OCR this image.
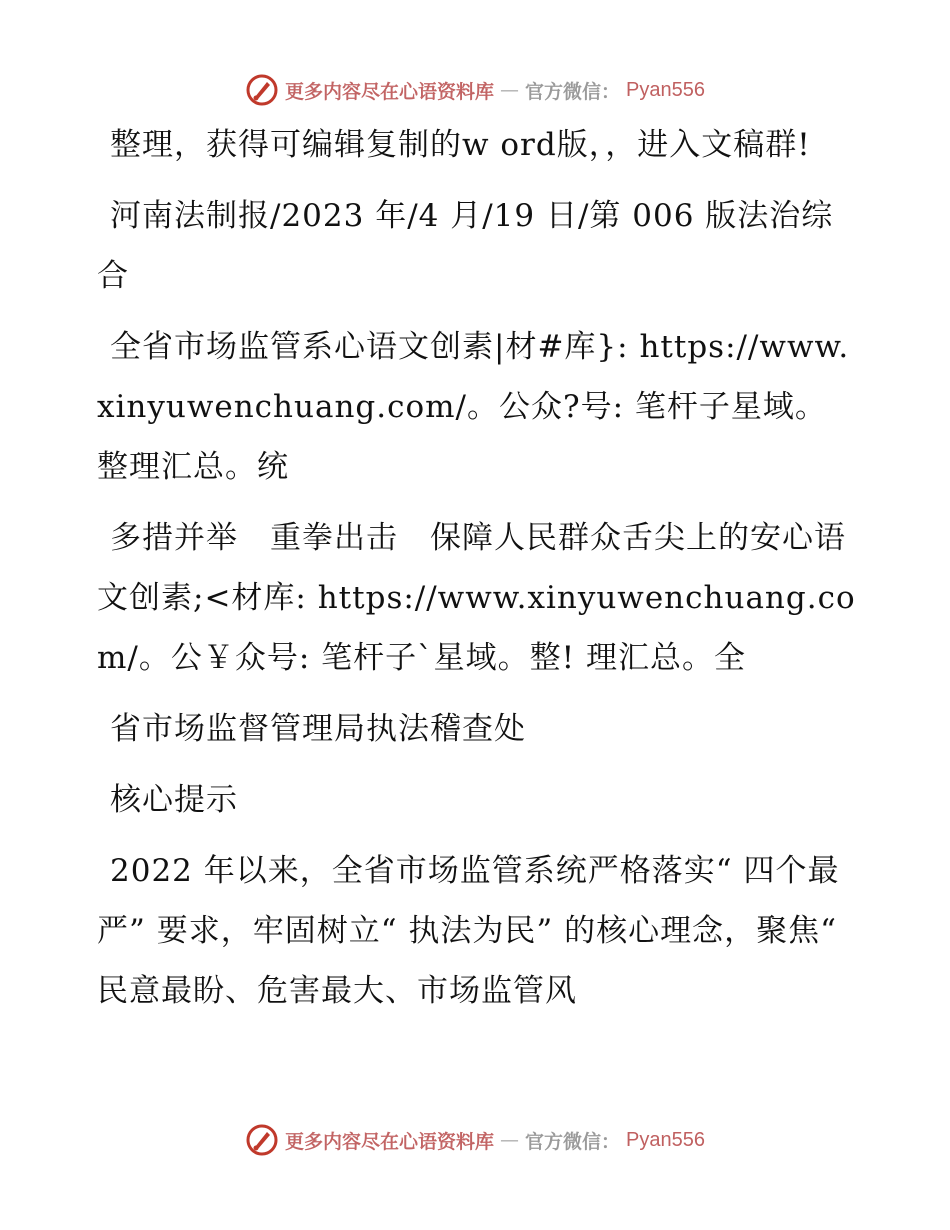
更多内容尽在心语资料库 — 官方微信： Pyan556

整理，获得可编辑复制的w ord版，，进入文稿群!

河南法制报/2023 年/4 月/19 日/第 006 版法治综合

全省市场监管系心语文创素|材#库}: https://www.xinyuwenchuang.com/。公众?号: 笔杆子星域。整理汇总。统

多措并举　重拳出击　保障人民群众舌尖上的安心语文创素;<材库: https://www.xinyuwenchuang.com/。公￥众号: 笔杆子`星域。整! 理汇总。全

省市场监督管理局执法稽查处

核心提示

2022 年以来，全省市场监管系统严格落实“ 四个最严” 要求，牢固树立“ 执法为民” 的核心理念，聚焦“ 民意最盼、危害最大、市场监管风

更多内容尽在心语资料库 — 官方微信： Pyan556
